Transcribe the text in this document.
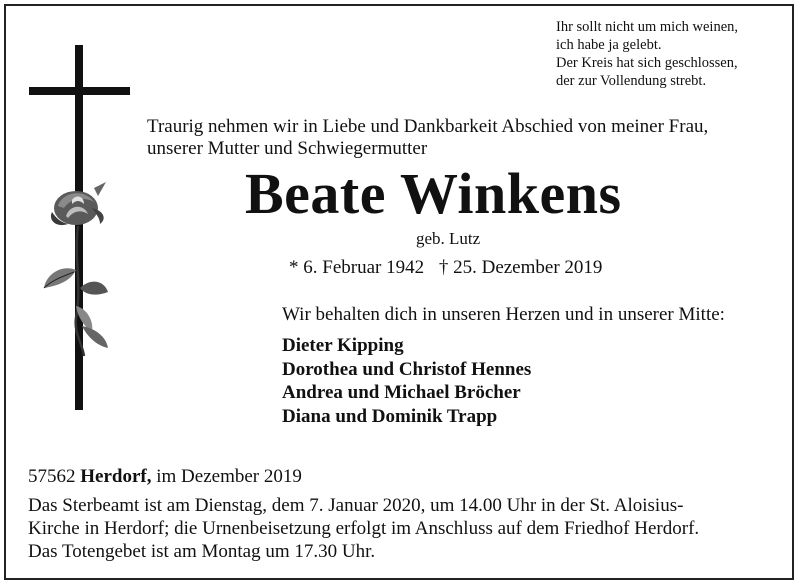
Ihr sollt nicht um mich weinen,
ich habe ja gelebt.
Der Kreis hat sich geschlossen,
der zur Vollendung strebt.
Traurig nehmen wir in Liebe und Dankbarkeit Abschied von meiner Frau,
unserer Mutter und Schwiegermutter
Beate Winkens
geb. Lutz
* 6. Februar 1942 † 25. Dezember 2019
Wir behalten dich in unseren Herzen und in unserer Mitte:
Dieter Kipping
Dorothea und Christof Hennes
Andrea und Michael Bröcher
Diana und Dominik Trapp
57562 Herdorf, im Dezember 2019
Das Sterbeamt ist am Dienstag, dem 7. Januar 2020, um 14.00 Uhr in der St. Aloisius-
Kirche in Herdorf; die Urnenbeisetzung erfolgt im Anschluss auf dem Friedhof Herdorf.
Das Totengebet ist am Montag um 17.30 Uhr.
